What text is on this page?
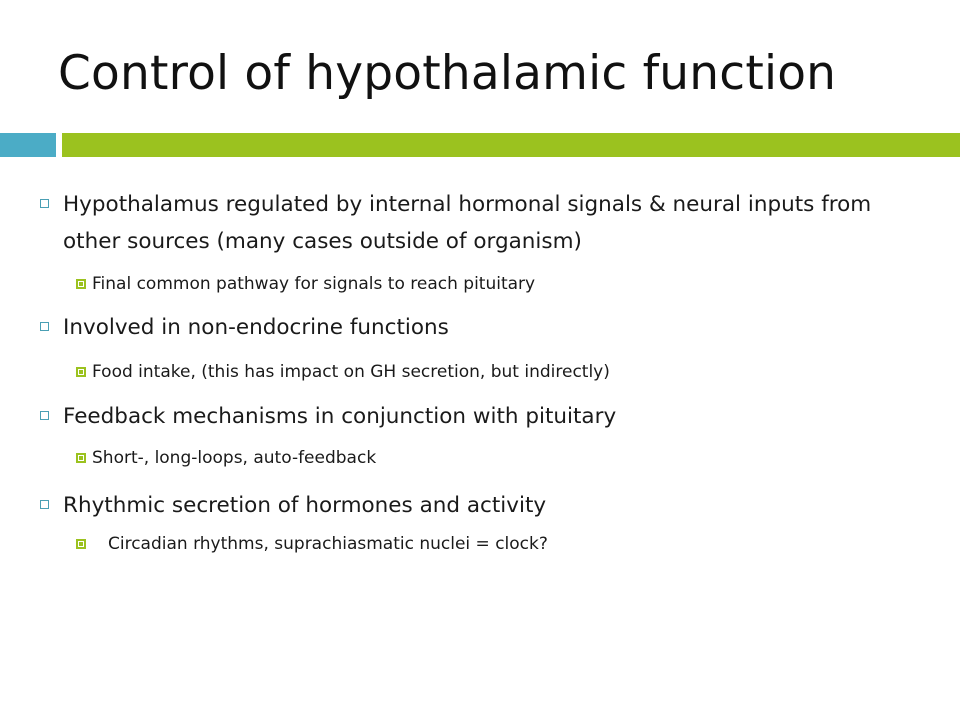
Control of hypothalamic function
Hypothalamus regulated by internal hormonal signals & neural inputs from other sources (many cases outside of organism)
Final common pathway for signals to reach pituitary
Involved in non-endocrine functions
Food intake, (this has impact on GH secretion, but indirectly)
Feedback mechanisms in conjunction with pituitary
Short-, long-loops, auto-feedback
Rhythmic secretion of hormones and activity
Circadian rhythms, suprachiasmatic nuclei = clock?
